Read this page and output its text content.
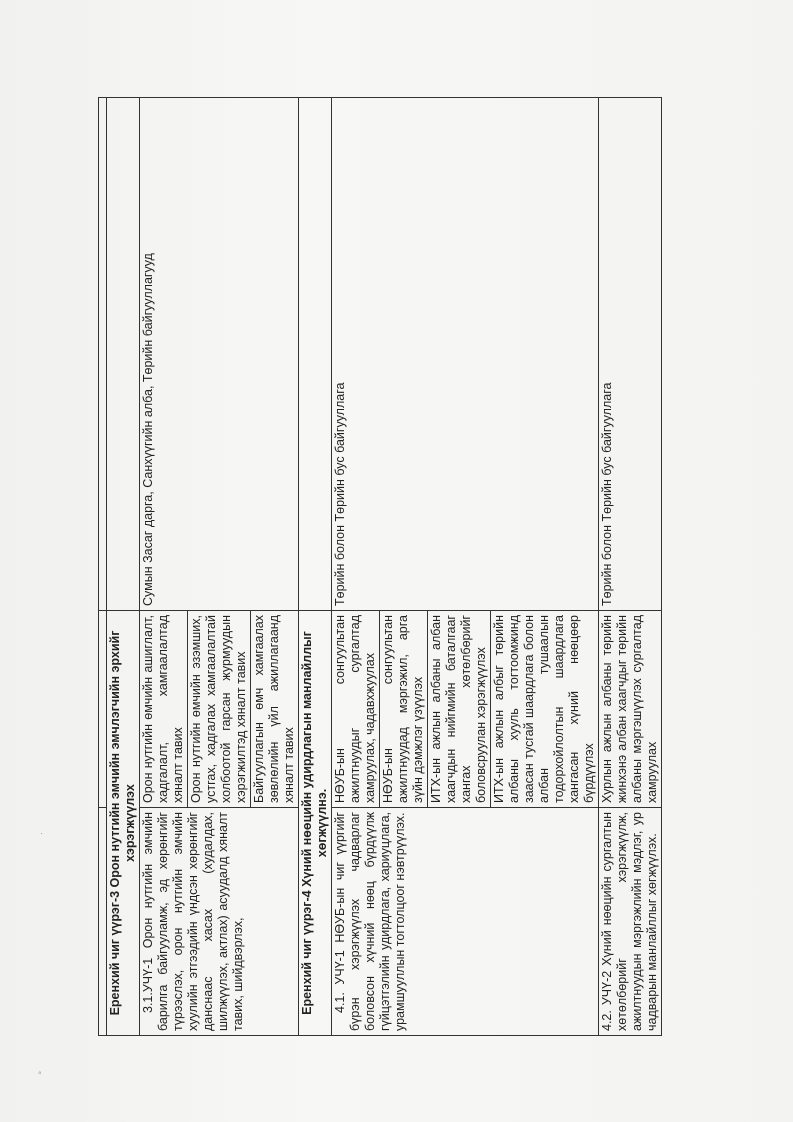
°
·
			Еренхий чиг үүрэг-3 Орон нутгийн эмчийн эмчлэгчийн эрхийг хэрэгжүүлэх		
3.1.УЧҮ-1 Орон нутгийн эмчийн барилга байгууламж, эд хөрөнгийг түрээслэх, орон нутгийн эмчийн хуулийн этгээдийн үндсэн хөрөнгийг данснаас хасах (худалдах, шилжүүлэх, актлах) асуудалд хяналт тавих, шийдвэрлэх,	Орон нутгийн өмчийн ашиглалт, хадгалалт, хамгаалалтад хяналт тавих	Сумын Засаг дарга, Санхүүгийн алба, Төрийн байгууллагууд
	Орон нутгийн өмчийн эзэмших, устгах, хадгалах хамгаалалтай холбоотой гарсан журмуудын хэрэгжилтэд хяналт тавих	
	Байгууллагын өмч хамгаалах зөвлөлийн үйл ажиллагаанд хяналт тавих	
Еренхий чиг үүрэг-4 Хүний нөөцийн удирдлагын манлайллыг хөгжүүлнэ.		
4.1. УЧҮ-1 НӨУБ-ын чиг үүргийг бүрэн хэрэгжүүлэх чадварлаг боловсон хүчний нөөц бүрдүүлж гүйцэтгэлийн удирдлага, хариуцлага, урамшууллын тогтолцоог нэвтрүүлэх.	НӨУБ-ын сонгуультан ажилтнуудыг сургалтад хамруулах, чадавхжуулах	Төрийн болон Төрийн бус байгууллага
	НӨУБ-ын сонгуультан ажилтнуудад мэргэжил, арга зүйн дэмжлэг үзүүлэх	
	ИТХ-ын ажлын албаны албан хаагчдын нийгмийн баталгааг хангах хөтөлбөрийг боловсруулан хэрэгжүүлэх	
	ИТХ-ын ажлын албыг төрийн албаны хууль тогтоомжинд заасан тусгай шаардлага болон албан тушаалын тодорхойлолтын шаардлага хангасан хүний нөөцөөр бүрдүүлэх	
4.2. УЧҮ-2 Хүний нөөцийн сургалтын хөтөлбөрийг хэрэгжүүлж, ажилтнуудын мэргэжлийн мэдлэг, ур чадварын манлайллыг хөгжүүлэх.	Хурлын ажлын албаны төрийн жинхэнэ албан хаагчдыг төрийн албаны мэргэшүүлэх сургалтад хамруулах	Төрийн болон Төрийн бус байгууллага
